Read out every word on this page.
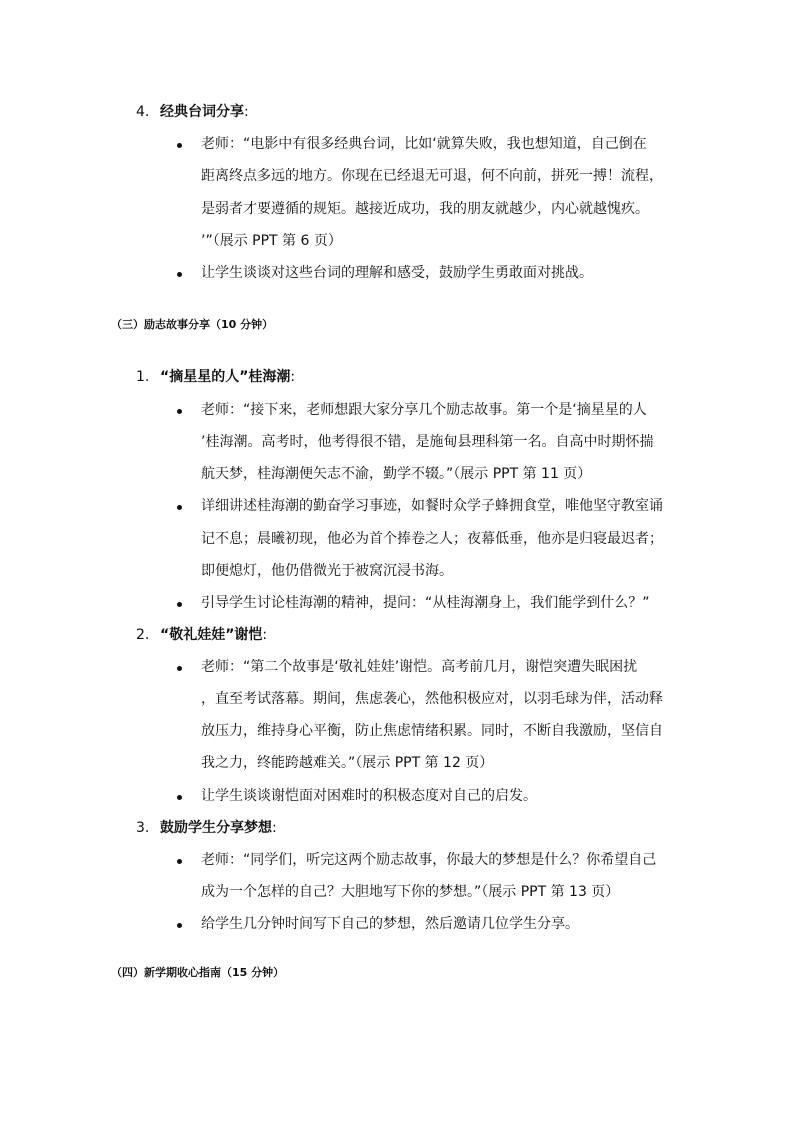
4. 经典台词分享:
老师：“电影中有很多经典台词，比如‘就算失败，我也想知道，自己倒在
距离终点多远的地方。你现在已经退无可退，何不向前，拼死一搏！流程，
是弱者才要遵循的规矩。越接近成功，我的朋友就越少，内心就越愧疚。
’”（展示 PPT 第 6 页）
让学生谈谈对这些台词的理解和感受，鼓励学生勇敢面对挑战。
（三）励志故事分享（10 分钟）
1. “摘星星的人”桂海潮:
老师：“接下来，老师想跟大家分享几个励志故事。第一个是‘摘星星的人
’桂海潮。高考时，他考得很不错，是施甸县理科第一名。自高中时期怀揣
航天梦，桂海潮便矢志不渝，勤学不辍。”（展示 PPT 第 11 页）
详细讲述桂海潮的勤奋学习事迹，如餐时众学子蜂拥食堂，唯他坚守教室诵
记不息；晨曦初现，他必为首个捧卷之人；夜幕低垂，他亦是归寝最迟者；
即便熄灯，他仍借微光于被窝沉浸书海。
引导学生讨论桂海潮的精神，提问：“从桂海潮身上，我们能学到什么？”
2. “敬礼娃娃”谢恺:
老师：“第二个故事是‘敬礼娃娃’谢恺。高考前几月，谢恺突遭失眠困扰
，直至考试落幕。期间，焦虑袭心，然他积极应对，以羽毛球为伴，活动释
放压力，维持身心平衡，防止焦虑情绪积累。同时，不断自我激励，坚信自
我之力，终能跨越难关。”（展示 PPT 第 12 页）
让学生谈谈谢恺面对困难时的积极态度对自己的启发。
3. 鼓励学生分享梦想:
老师：“同学们，听完这两个励志故事，你最大的梦想是什么？你希望自己
成为一个怎样的自己？大胆地写下你的梦想。”（展示 PPT 第 13 页）
给学生几分钟时间写下自己的梦想，然后邀请几位学生分享。
（四）新学期收心指南（15 分钟）
